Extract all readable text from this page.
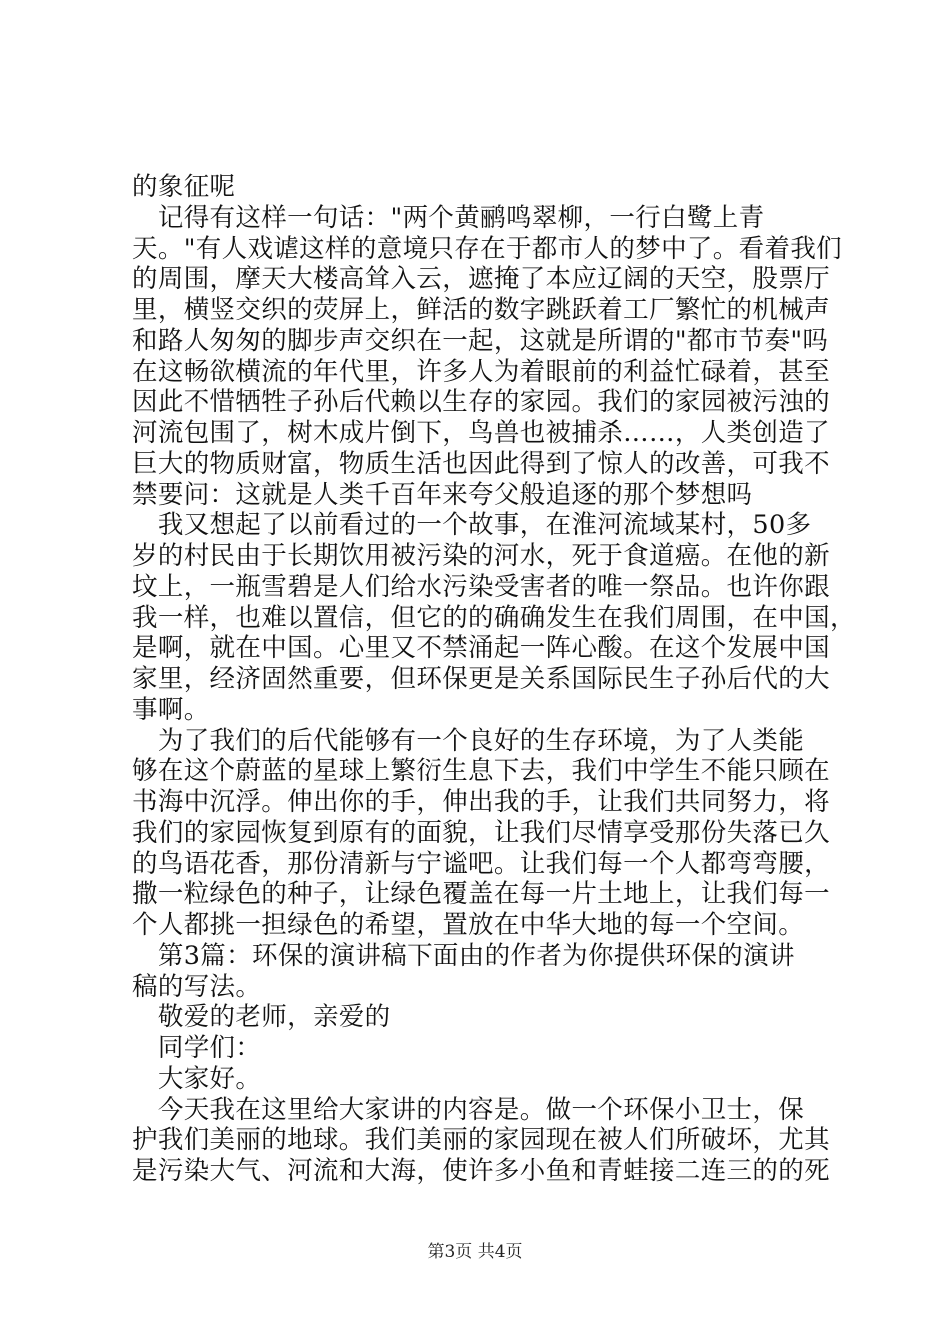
的象征呢
　记得有这样一句话："两个黄鹂鸣翠柳，一行白鹭上青
天。"有人戏谑这样的意境只存在于都市人的梦中了。看着我们
的周围，摩天大楼高耸入云，遮掩了本应辽阔的天空，股票厅
里，横竖交织的荧屏上，鲜活的数字跳跃着工厂繁忙的机械声
和路人匆匆的脚步声交织在一起，这就是所谓的"都市节奏"吗
在这畅欲横流的年代里，许多人为着眼前的利益忙碌着，甚至
因此不惜牺牲子孙后代赖以生存的家园。我们的家园被污浊的
河流包围了，树木成片倒下，鸟兽也被捕杀……，人类创造了
巨大的物质财富，物质生活也因此得到了惊人的改善，可我不
禁要问：这就是人类千百年来夸父般追逐的那个梦想吗
　我又想起了以前看过的一个故事，在淮河流域某村，50多
岁的村民由于长期饮用被污染的河水，死于食道癌。在他的新
坟上，一瓶雪碧是人们给水污染受害者的唯一祭品。也许你跟
我一样，也难以置信，但它的的确确发生在我们周围，在中国，
是啊，就在中国。心里又不禁涌起一阵心酸。在这个发展中国
家里，经济固然重要，但环保更是关系国际民生子孙后代的大
事啊。
　为了我们的后代能够有一个良好的生存环境，为了人类能
够在这个蔚蓝的星球上繁衍生息下去，我们中学生不能只顾在
书海中沉浮。伸出你的手，伸出我的手，让我们共同努力，将
我们的家园恢复到原有的面貌，让我们尽情享受那份失落已久
的鸟语花香，那份清新与宁谧吧。让我们每一个人都弯弯腰，
撒一粒绿色的种子，让绿色覆盖在每一片土地上，让我们每一
个人都挑一担绿色的希望，置放在中华大地的每一个空间。
　第3篇：环保的演讲稿下面由的作者为你提供环保的演讲
稿的写法。
　敬爱的老师，亲爱的
　同学们：
　大家好。
　今天我在这里给大家讲的内容是。做一个环保小卫士，保
护我们美丽的地球。我们美丽的家园现在被人们所破坏，尤其
是污染大气、河流和大海，使许多小鱼和青蛙接二连三的的死
第3页 共4页
